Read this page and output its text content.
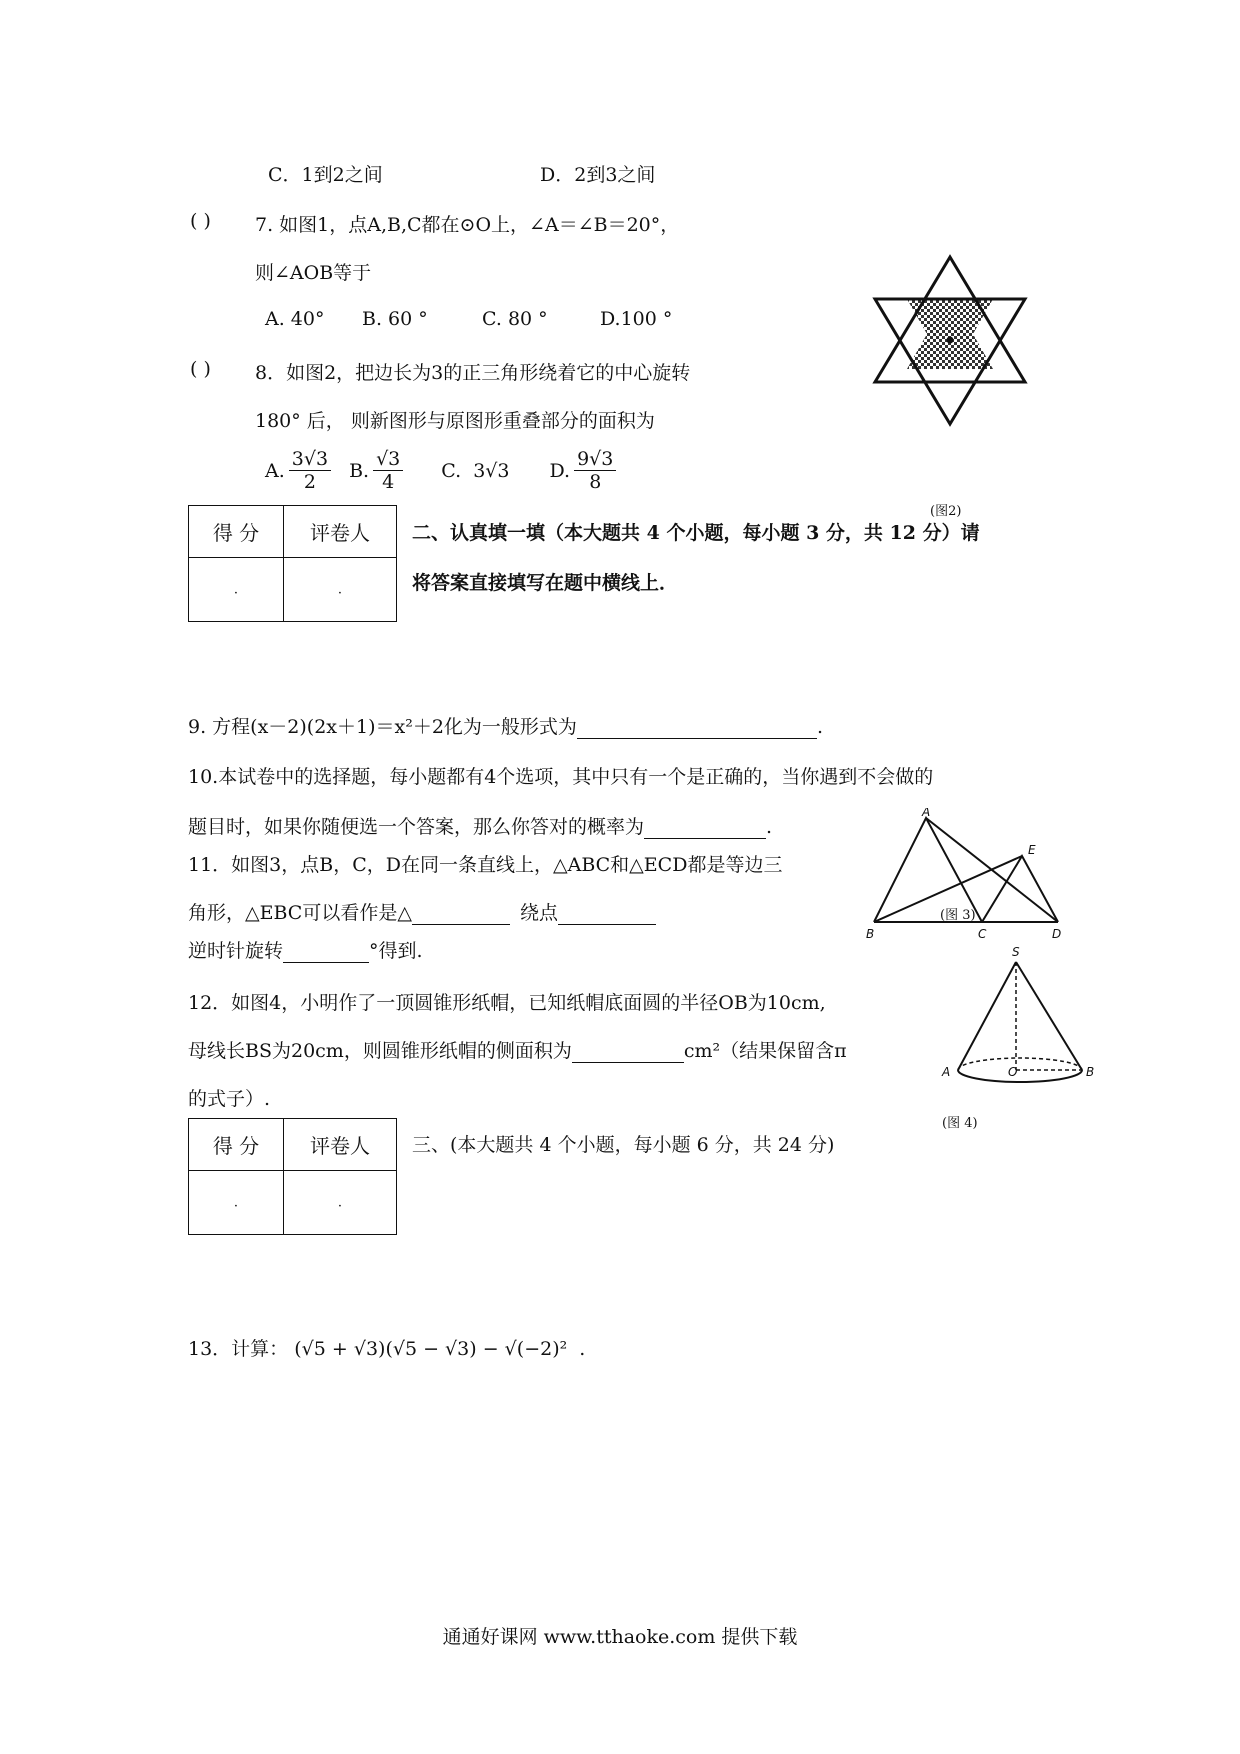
C．1到2之间	D．2到3之间
( ) 7. 如图1，点A,B,C都在⊙O上，∠A＝∠B＝20°，
则∠AOB等于
A. 40° B. 60 °	C. 80 °	D.100 °
( ) 8．如图2，把边长为3的正三角形绕着它的中心旋转
180° 后， 则新图形与原图形重叠部分的面积为
A. $\frac{3√3}{2} B$. $\frac{√3}{4} C$. 3√3 D. $\frac{9√3}{8}$
(图2)
得 分	评卷人
·	·
二、认真填一填（本大题共 4 个小题，每小题 3 分，共 12 分）请
将答案直接填写在题中横线上．
9. 方程(x－2)(2x＋1)＝x²＋2化为一般形式为	.
10.本试卷中的选择题，每小题都有4个选项，其中只有一个是正确的，当你遇到不会做的
题目时，如果你随便选一个答案，那么你答对的概率为	.
A
E
B	C	D
(图 3)
11．如图3，点B，C，D在同一条直线上，△ABC和△ECD都是等边三
角形，△EBC可以看作是△	绕点
逆时针旋转	°得到.	S
A	O	B
(图 4)
12．如图4，小明作了一顶圆锥形纸帽，已知纸帽底面圆的半径OB为10cm,
母线长BS为20cm，则圆锥形纸帽的侧面积为	cm²（结果保留含π
的式子）.
得 分	评卷人
·	·
三、(本大题共 4 个小题，每小题 6 分，共 24 分)
13．计算： (√5 + √3)(√5 − √3) − √(−2)² .
通通好课网 www.tthaoke.com 提供下载
